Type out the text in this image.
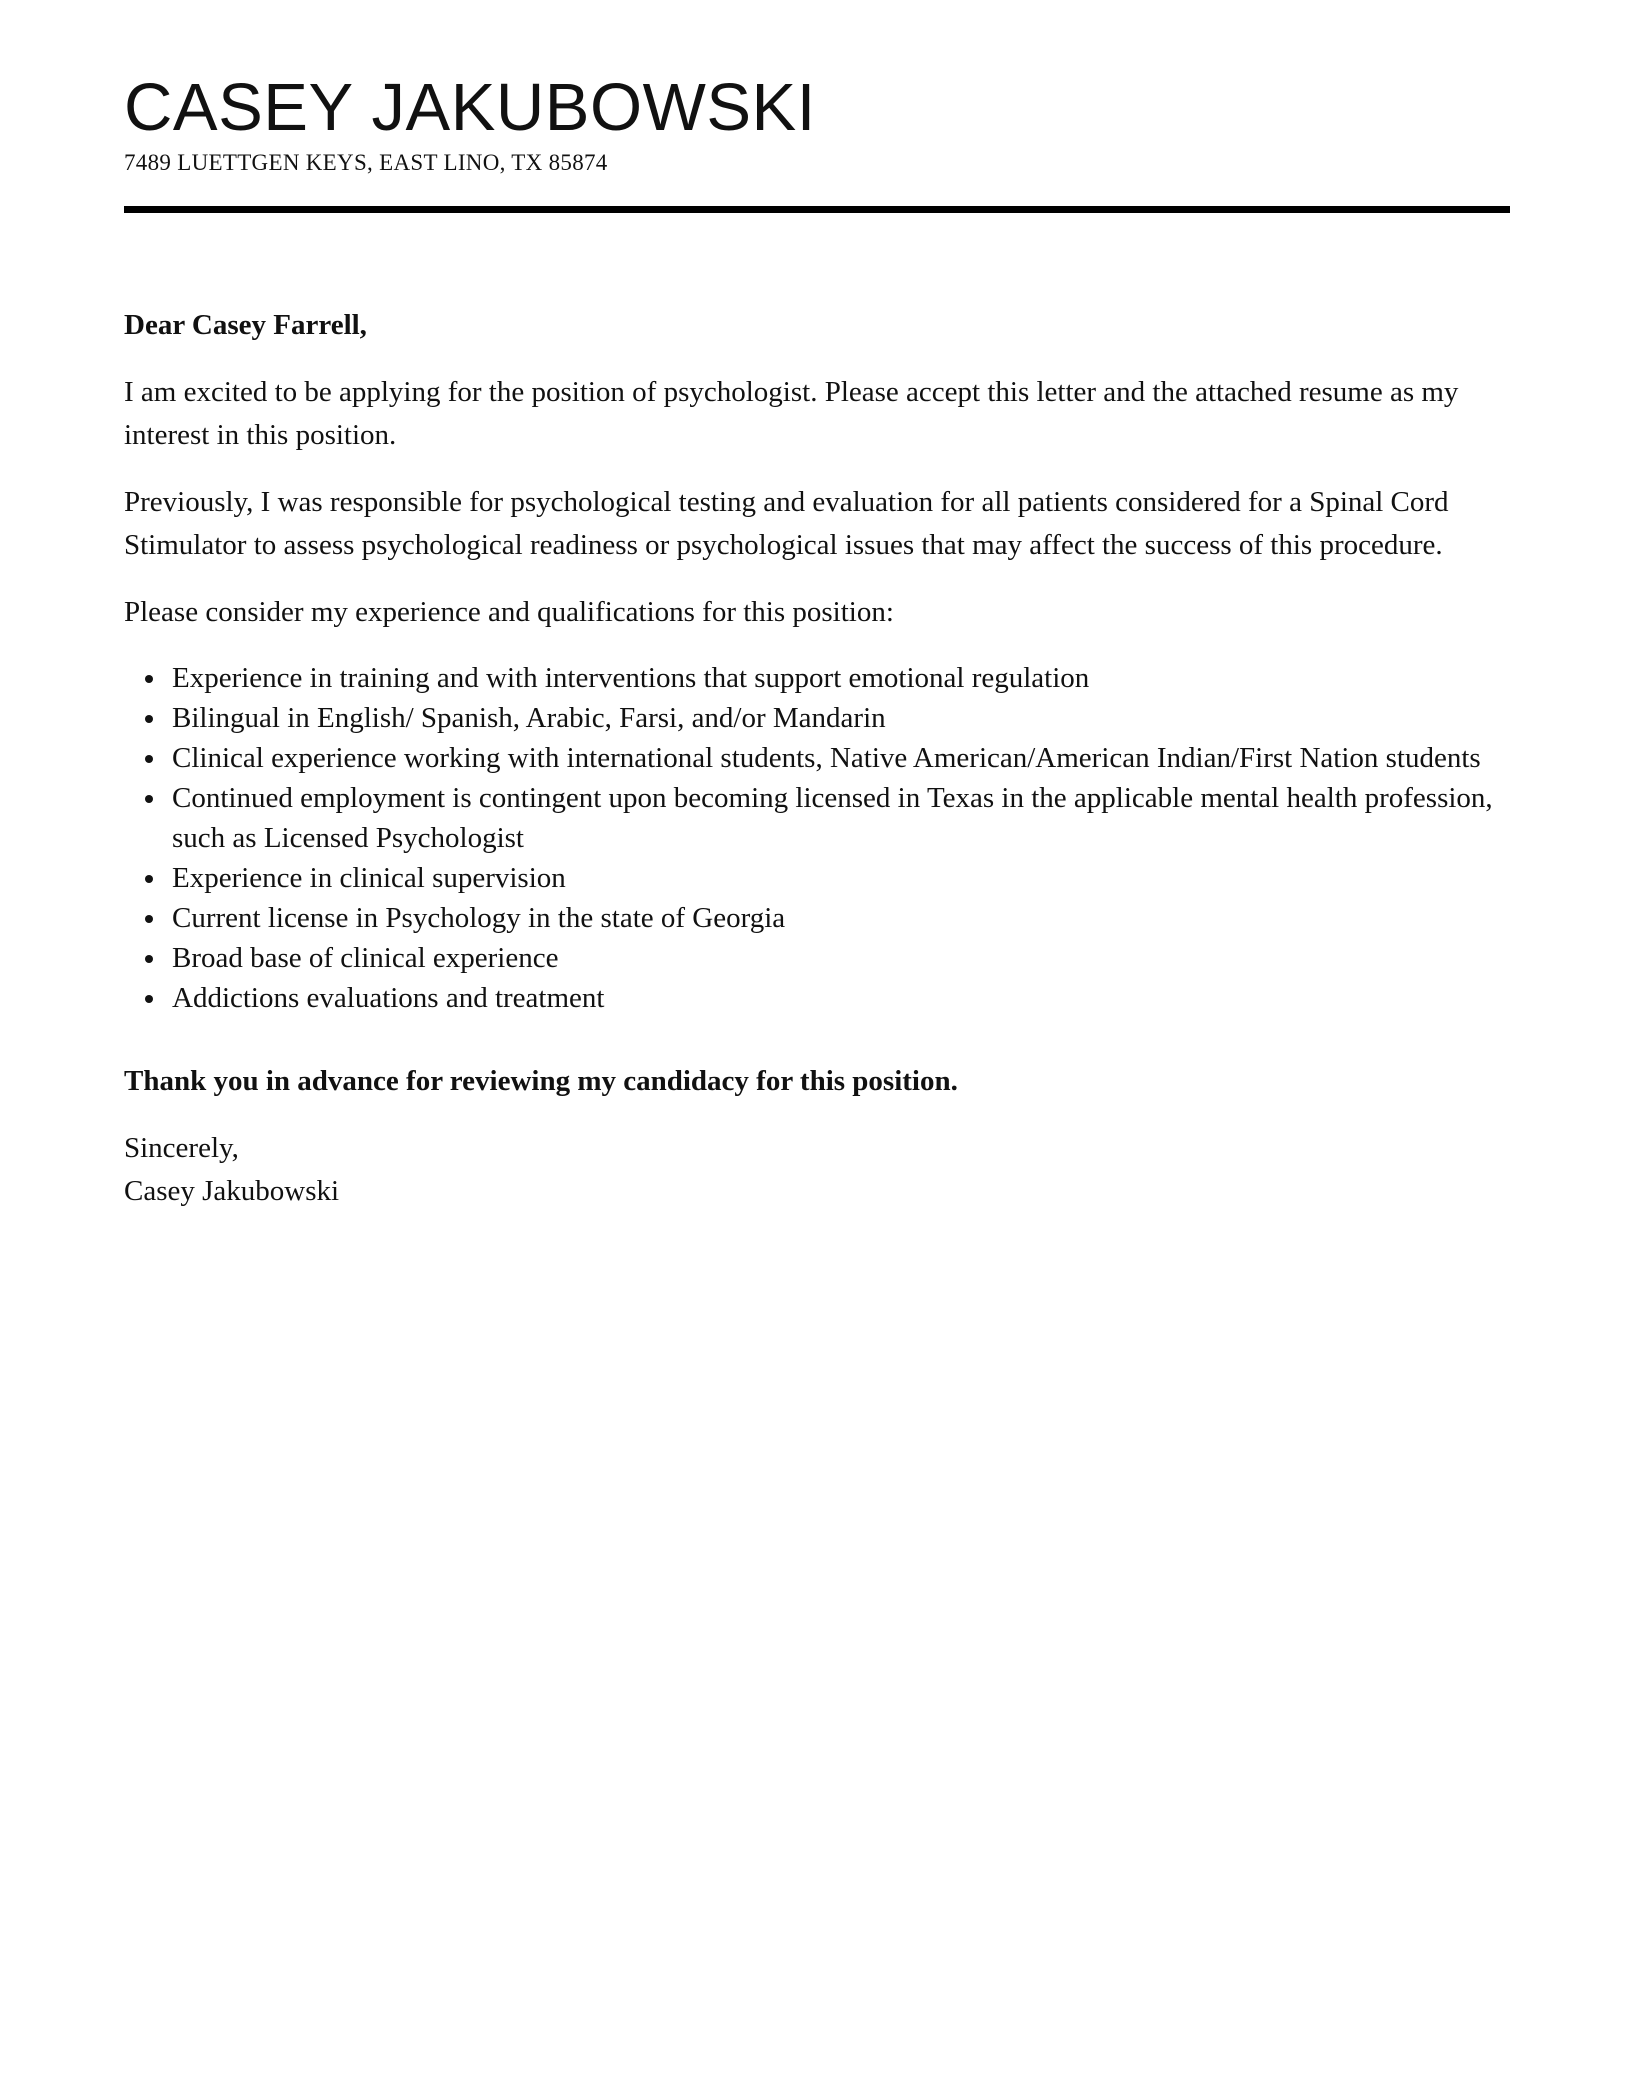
CASEY JAKUBOWSKI
7489 LUETTGEN KEYS, EAST LINO, TX 85874

Dear Casey Farrell,

I am excited to be applying for the position of psychologist. Please accept this letter and the attached resume as my interest in this position.

Previously, I was responsible for psychological testing and evaluation for all patients considered for a Spinal Cord Stimulator to assess psychological readiness or psychological issues that may affect the success of this procedure.

Please consider my experience and qualifications for this position:

Experience in training and with interventions that support emotional regulation
Bilingual in English/ Spanish, Arabic, Farsi, and/or Mandarin
Clinical experience working with international students, Native American/American Indian/First Nation students
Continued employment is contingent upon becoming licensed in Texas in the applicable mental health profession, such as Licensed Psychologist
Experience in clinical supervision
Current license in Psychology in the state of Georgia
Broad base of clinical experience
Addictions evaluations and treatment

Thank you in advance for reviewing my candidacy for this position.

Sincerely,
Casey Jakubowski
